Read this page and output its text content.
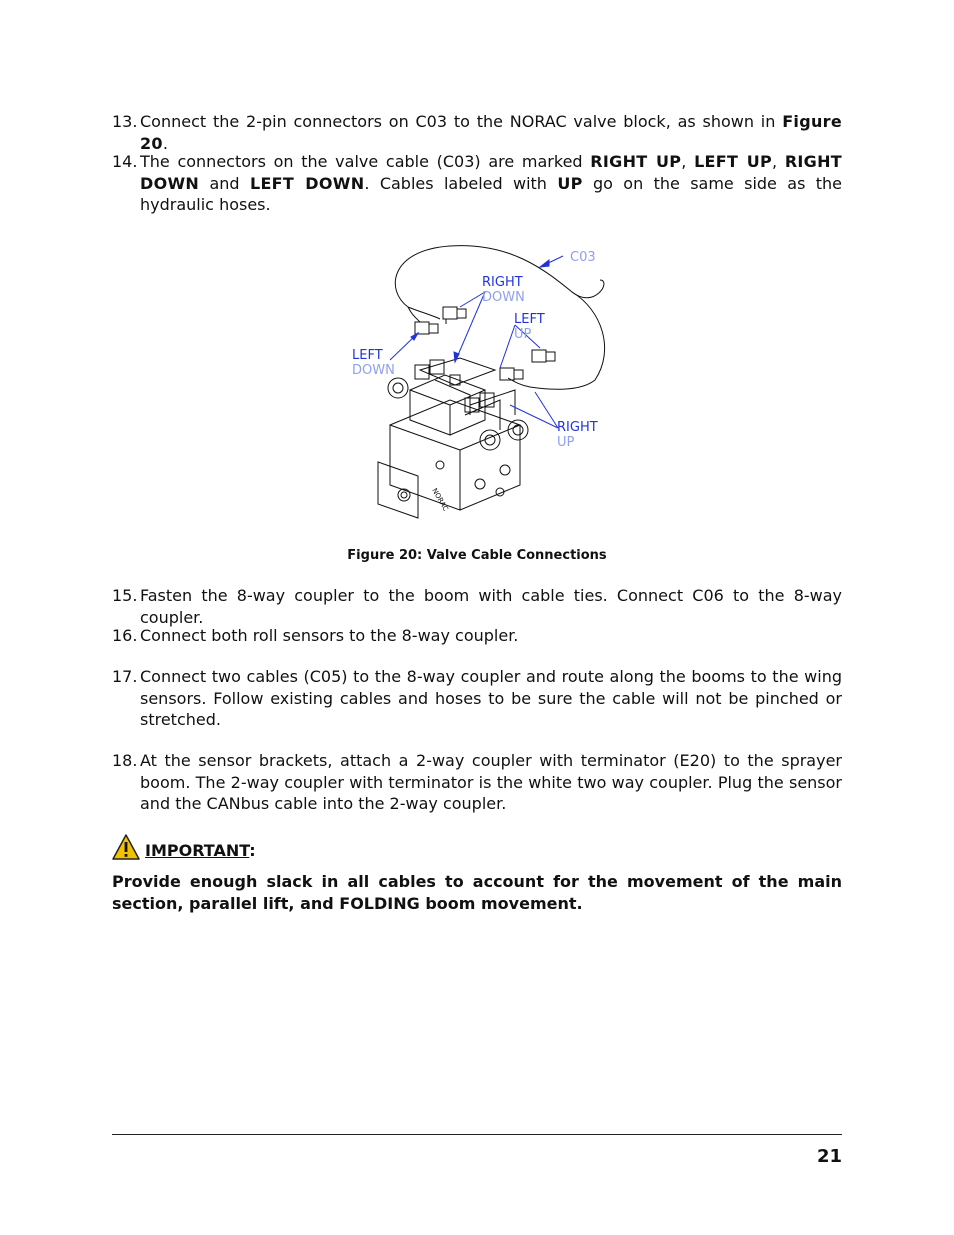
13. Connect the 2-pin connectors on C03 to the NORAC valve block, as shown in Figure 20.
14. The connectors on the valve cable (C03) are marked RIGHT UP, LEFT UP, RIGHT DOWN and LEFT DOWN. Cables labeled with UP go on the same side as the hydraulic hoses.
NORAC
C03
RIGHT
DOWN
LEFT
UP
LEFT
DOWN
RIGHT
UP
Figure 20: Valve Cable Connections
15. Fasten the 8-way coupler to the boom with cable ties. Connect C06 to the 8-way coupler.
16. Connect both roll sensors to the 8-way coupler.
17. Connect two cables (C05) to the 8-way coupler and route along the booms to the wing sensors. Follow existing cables and hoses to be sure the cable will not be pinched or stretched.
18. At the sensor brackets, attach a 2-way coupler with terminator (E20) to the sprayer boom. The 2-way coupler with terminator is the white two way coupler. Plug the sensor and the CANbus cable into the 2-way coupler.
IMPORTANT:
Provide enough slack in all cables to account for the movement of the main section, parallel lift, and FOLDING boom movement.
21
